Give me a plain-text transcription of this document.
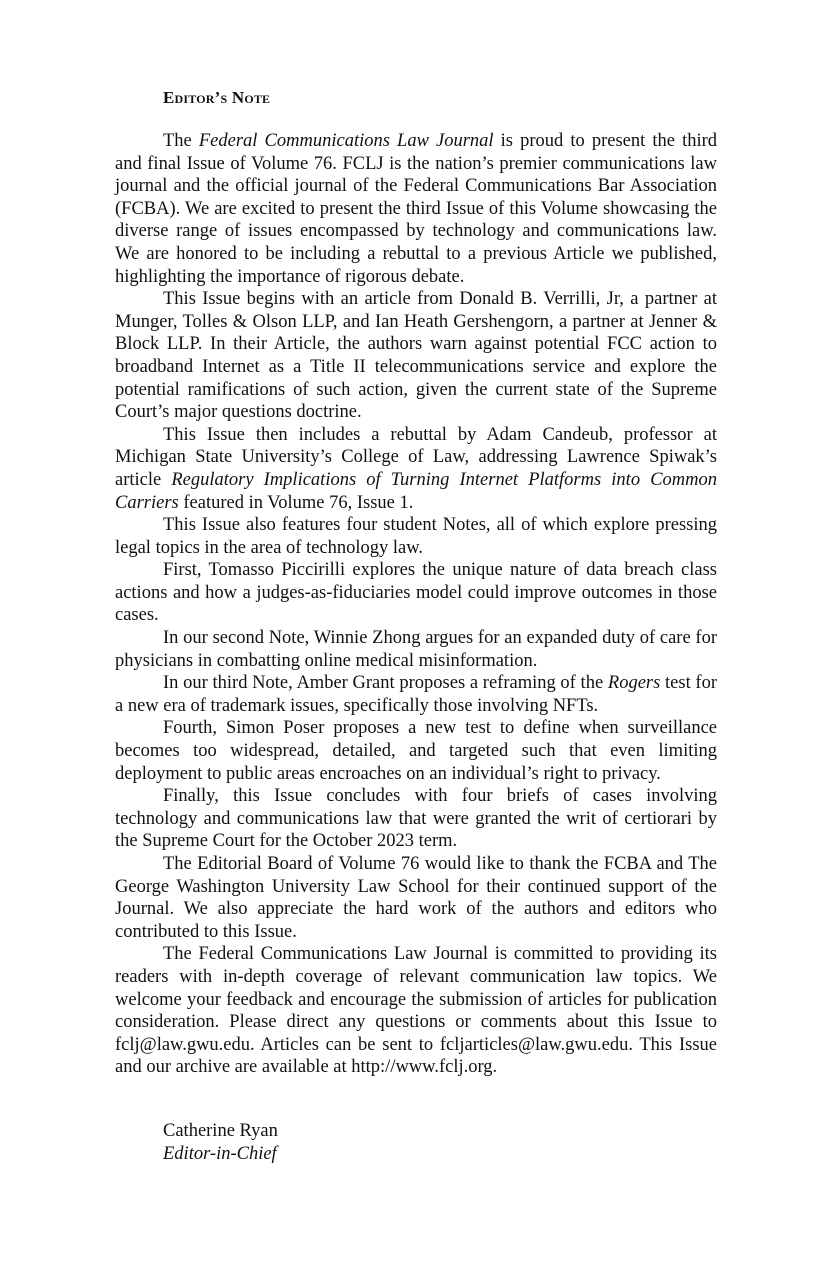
Editor’s Note

The Federal Communications Law Journal is proud to present the third and final Issue of Volume 76. FCLJ is the nation’s premier communications law journal and the official journal of the Federal Communications Bar Association (FCBA). We are excited to present the third Issue of this Volume showcasing the diverse range of issues encompassed by technology and communications law. We are honored to be including a rebuttal to a previous Article we published, highlighting the importance of rigorous debate.

This Issue begins with an article from Donald B. Verrilli, Jr, a partner at Munger, Tolles & Olson LLP, and Ian Heath Gershengorn, a partner at Jenner & Block LLP. In their Article, the authors warn against potential FCC action to broadband Internet as a Title II telecommunications service and explore the potential ramifications of such action, given the current state of the Supreme Court’s major questions doctrine.

This Issue then includes a rebuttal by Adam Candeub, professor at Michigan State University’s College of Law, addressing Lawrence Spiwak’s article Regulatory Implications of Turning Internet Platforms into Common Carriers featured in Volume 76, Issue 1.

This Issue also features four student Notes, all of which explore pressing legal topics in the area of technology law.

First, Tomasso Piccirilli explores the unique nature of data breach class actions and how a judges-as-fiduciaries model could improve outcomes in those cases.

In our second Note, Winnie Zhong argues for an expanded duty of care for physicians in combatting online medical misinformation.

In our third Note, Amber Grant proposes a reframing of the Rogers test for a new era of trademark issues, specifically those involving NFTs.

Fourth, Simon Poser proposes a new test to define when surveillance becomes too widespread, detailed, and targeted such that even limiting deployment to public areas encroaches on an individual’s right to privacy.

Finally, this Issue concludes with four briefs of cases involving technology and communications law that were granted the writ of certiorari by the Supreme Court for the October 2023 term.

The Editorial Board of Volume 76 would like to thank the FCBA and The George Washington University Law School for their continued support of the Journal. We also appreciate the hard work of the authors and editors who contributed to this Issue.

The Federal Communications Law Journal is committed to providing its readers with in-depth coverage of relevant communication law topics. We welcome your feedback and encourage the submission of articles for publication consideration. Please direct any questions or comments about this Issue to fclj@law.gwu.edu. Articles can be sent to fcljarticles@law.gwu.edu. This Issue and our archive are available at http://www.fclj.org.

Catherine Ryan
Editor-in-Chief
